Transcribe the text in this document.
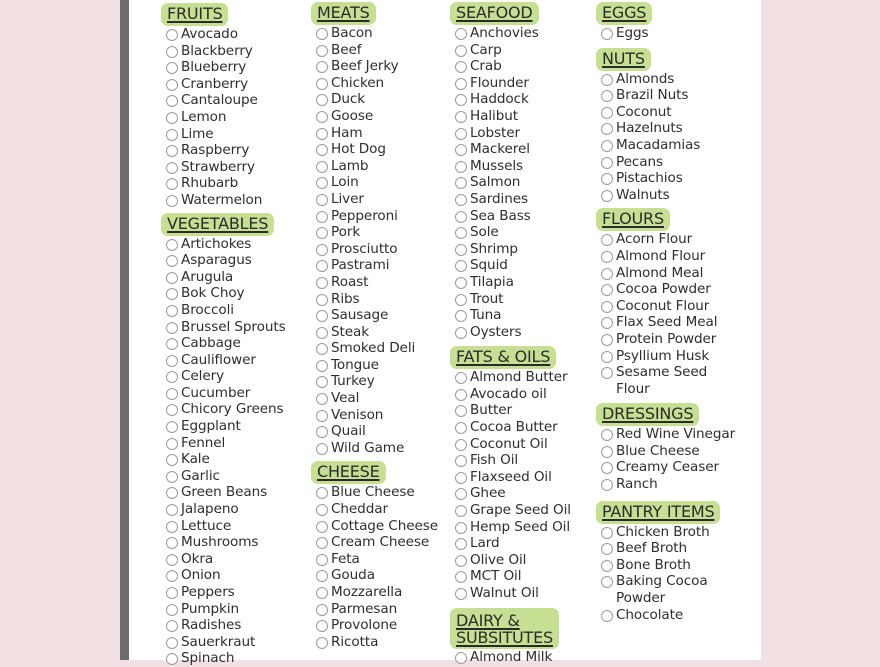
FRUITS
Avocado
Blackberry
Blueberry
Cranberry
Cantaloupe
Lemon
Lime
Raspberry
Strawberry
Rhubarb
Watermelon
VEGETABLES
Artichokes
Asparagus
Arugula
Bok Choy
Broccoli
Brussel Sprouts
Cabbage
Cauliflower
Celery
Cucumber
Chicory Greens
Eggplant
Fennel
Kale
Garlic
Green Beans
Jalapeno
Lettuce
Mushrooms
Okra
Onion
Peppers
Pumpkin
Radishes
Sauerkraut
Spinach
MEATS
Bacon
Beef
Beef Jerky
Chicken
Duck
Goose
Ham
Hot Dog
Lamb
Loin
Liver
Pepperoni
Pork
Prosciutto
Pastrami
Roast
Ribs
Sausage
Steak
Smoked Deli
Tongue
Turkey
Veal
Venison
Quail
Wild Game
CHEESE
Blue Cheese
Cheddar
Cottage Cheese
Cream Cheese
Feta
Gouda
Mozzarella
Parmesan
Provolone
Ricotta
SEAFOOD
Anchovies
Carp
Crab
Flounder
Haddock
Halibut
Lobster
Mackerel
Mussels
Salmon
Sardines
Sea Bass
Sole
Shrimp
Squid
Tilapia
Trout
Tuna
Oysters
FATS & OILS
Almond Butter
Avocado oil
Butter
Cocoa Butter
Coconut Oil
Fish Oil
Flaxseed Oil
Ghee
Grape Seed Oil
Hemp Seed Oil
Lard
Olive Oil
MCT Oil
Walnut Oil
DAIRY &
SUBSITUTES
Almond Milk
EGGS
Eggs
NUTS
Almonds
Brazil Nuts
Coconut
Hazelnuts
Macadamias
Pecans
Pistachios
Walnuts
FLOURS
Acorn Flour
Almond Flour
Almond Meal
Cocoa Powder
Coconut Flour
Flax Seed Meal
Protein Powder
Psyllium Husk
Sesame Seed Flour
DRESSINGS
Red Wine Vinegar
Blue Cheese
Creamy Ceaser
Ranch
PANTRY ITEMS
Chicken Broth
Beef Broth
Bone Broth
Baking Cocoa Powder
Chocolate
